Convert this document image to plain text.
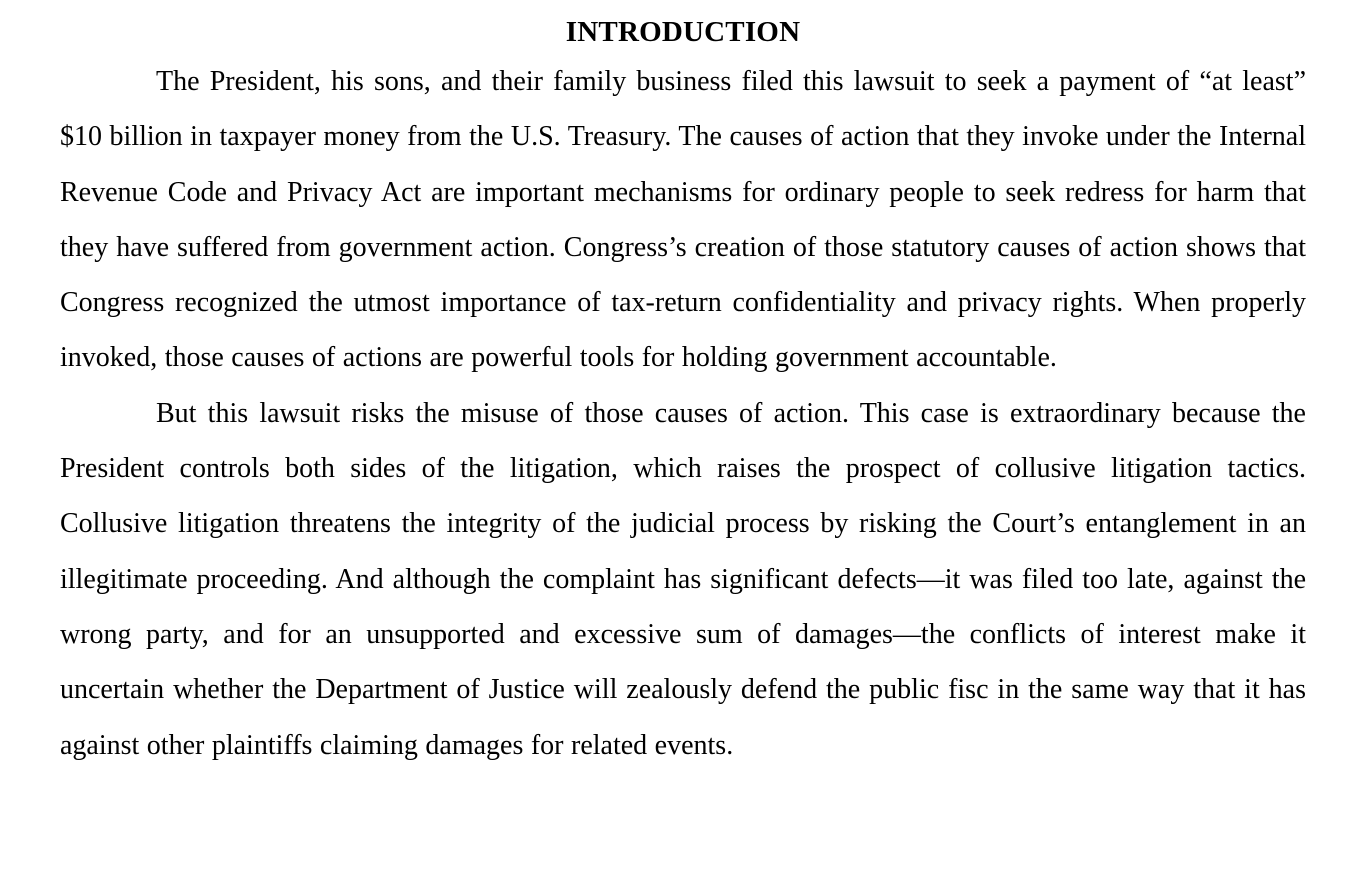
INTRODUCTION

The President, his sons, and their family business filed this lawsuit to seek a payment of “at least” $10 billion in taxpayer money from the U.S. Treasury. The causes of action that they invoke under the Internal Revenue Code and Privacy Act are important mechanisms for ordinary people to seek redress for harm that they have suffered from government action. Congress’s creation of those statutory causes of action shows that Congress recognized the utmost importance of tax-return confidentiality and privacy rights. When properly invoked, those causes of actions are powerful tools for holding government accountable.

But this lawsuit risks the misuse of those causes of action. This case is extraordinary because the President controls both sides of the litigation, which raises the prospect of collusive litigation tactics. Collusive litigation threatens the integrity of the judicial process by risking the Court’s entanglement in an illegitimate proceeding. And although the complaint has significant defects—it was filed too late, against the wrong party, and for an unsupported and excessive sum of damages—the conflicts of interest make it uncertain whether the Department of Justice will zealously defend the public fisc in the same way that it has against other plaintiffs claiming damages for related events.
